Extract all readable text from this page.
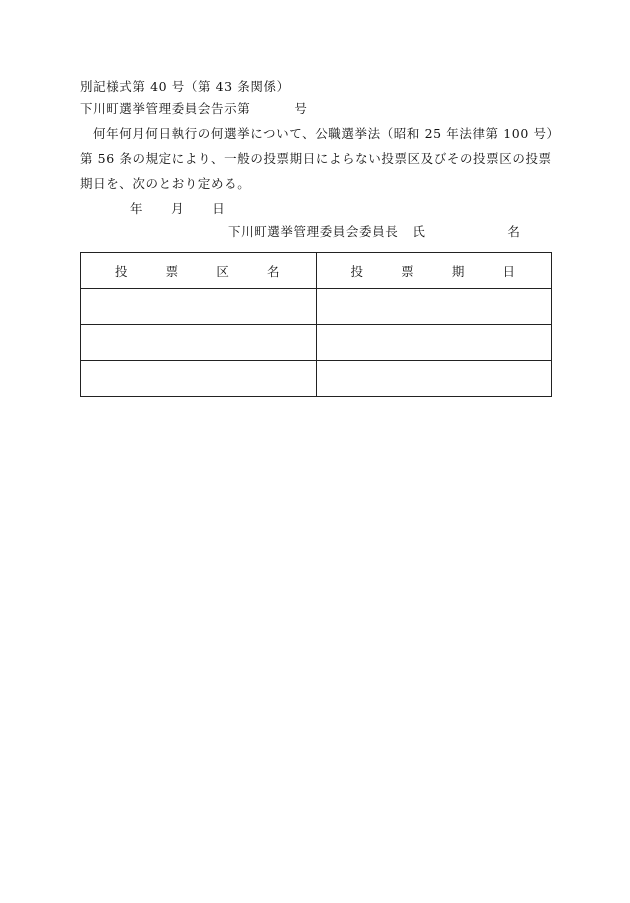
別記様式第 40 号（第 43 条関係）
下川町選挙管理委員会告示第	号
何年何月何日執行の何選挙について、公職選挙法（昭和 25 年法律第 100 号）
第 56 条の規定により、一般の投票期日によらない投票区及びその投票区の投票
期日を、次のとおり定める。
年 月 日
下川町選挙管理委員会委員長 氏	名
投 票 区 名	投 票 期 日
